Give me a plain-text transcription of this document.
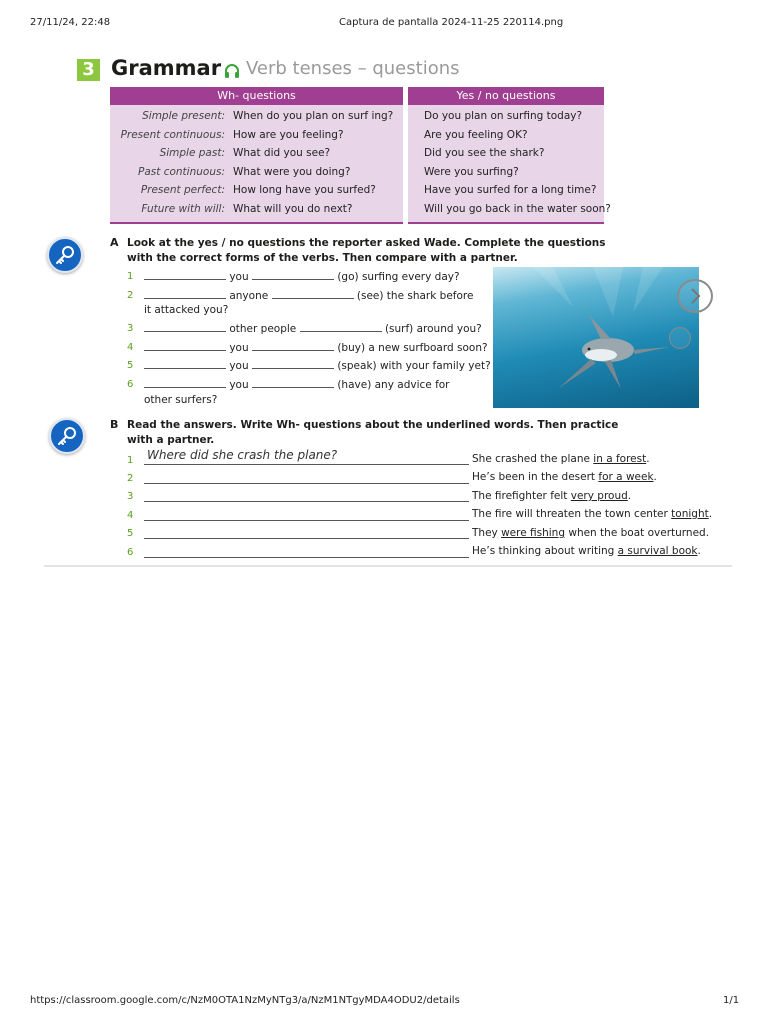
27/11/24, 22:48	Captura de pantalla 2024-11-25 220114.png
3 Grammar Verb tenses – questions
Wh- questions
Simple present: When do you plan on surf ing?
Present continuous: How are you feeling?
Simple past: What did you see?
Past continuous: What were you doing?
Present perfect: How long have you surfed?
Future with will: What will you do next?
Yes / no questions
Do you plan on surfing today?
Are you feeling OK?
Did you see the shark?
Were you surfing?
Have you surfed for a long time?
Will you go back in the water soon?
A Look at the yes / no questions the reporter asked Wade. Complete the questions
with the correct forms of the verbs. Then compare with a partner.
1	you	(go) surfing every day?
2	anyone	(see) the shark before
it attacked you?
3	other people	(surf) around you?
4	you	(buy) a new surfboard soon?
5	you	(speak) with your family yet?
6	you	(have) any advice for
other surfers?
B Read the answers. Write Wh- questions about the underlined words. Then practice
with a partner.
1 Where did she crash the plane?	She crashed the plane in a forest.
2	He’s been in the desert for a week.
3	The firefighter felt very proud.
4	The fire will threaten the town center tonight.
5	They were fishing when the boat overturned.
6	He’s thinking about writing a survival book.
https://classroom.google.com/c/NzM0OTA1NzMyNTg3/a/NzM1NTgyMDA4ODU2/details	1/1
